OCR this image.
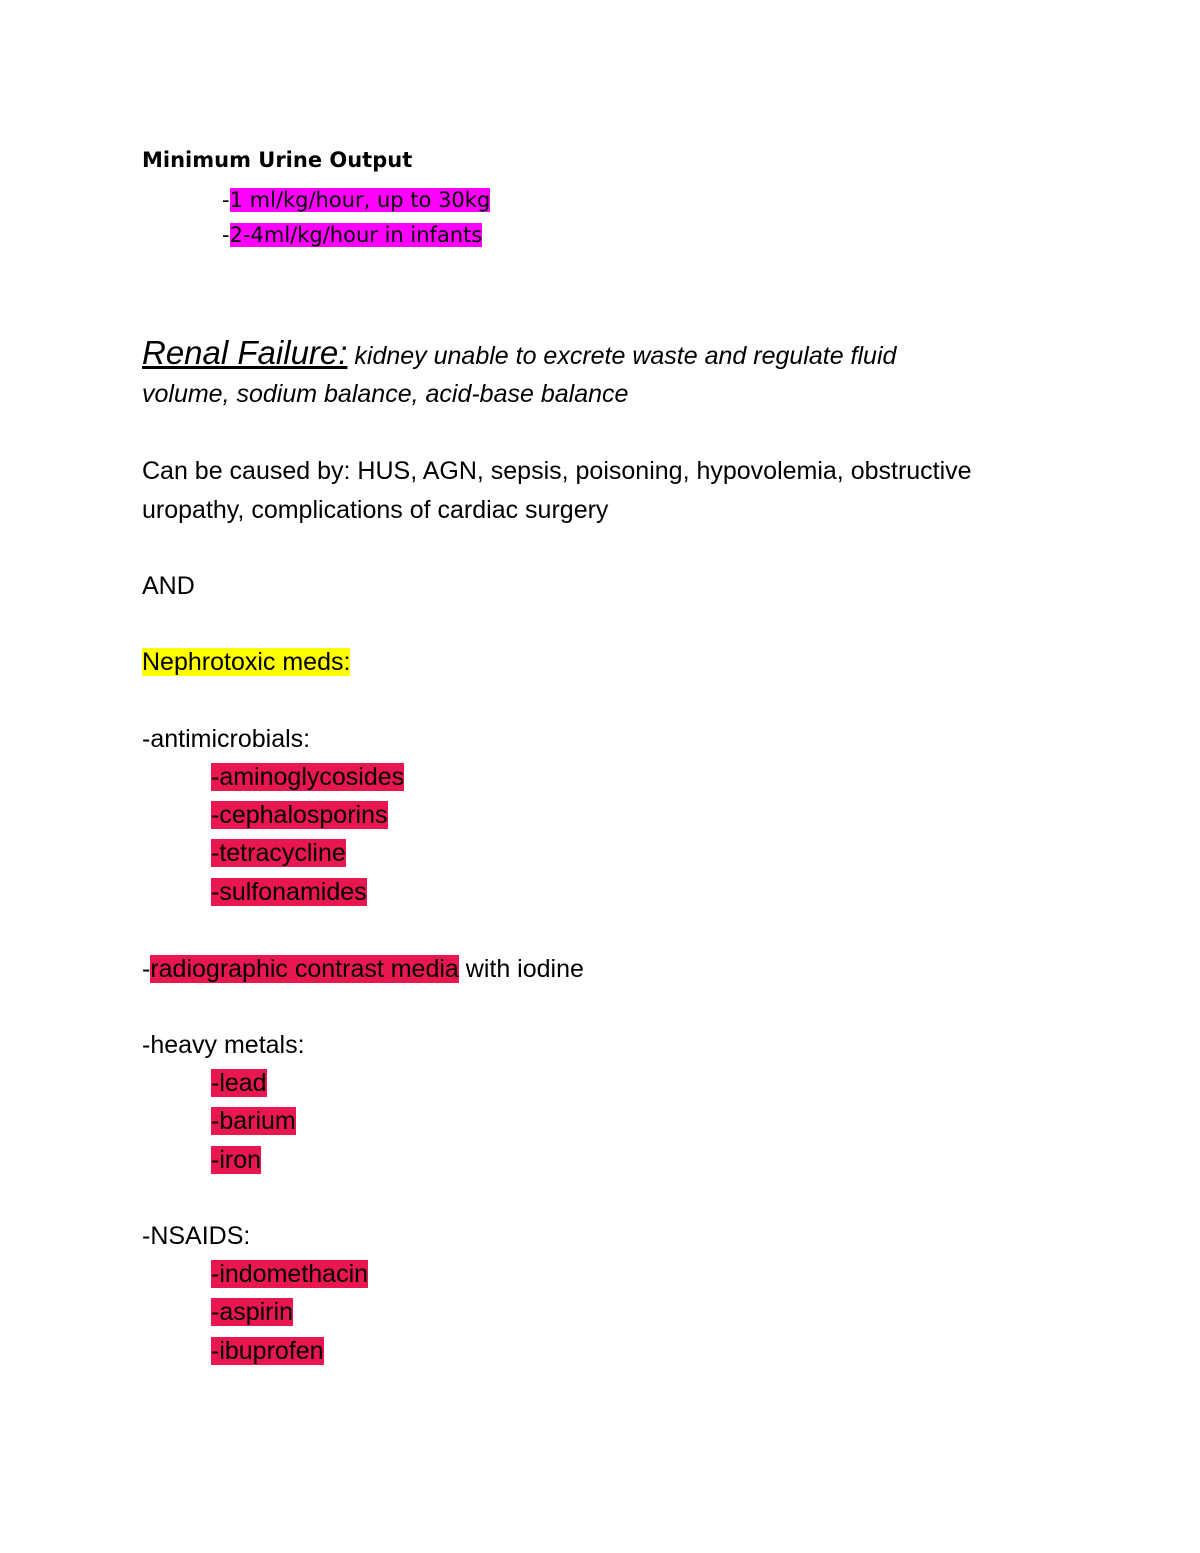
Minimum Urine Output
-1 ml/kg/hour, up to 30kg
-2-4ml/kg/hour in infants
Renal Failure: kidney unable to excrete waste and regulate fluid
volume, sodium balance, acid-base balance
Can be caused by: HUS, AGN, sepsis, poisoning, hypovolemia, obstructive
uropathy, complications of cardiac surgery
AND
Nephrotoxic meds:
-antimicrobials:
-aminoglycosides
-cephalosporins
-tetracycline
-sulfonamides
-radiographic contrast media with iodine
-heavy metals:
-lead
-barium
-iron
-NSAIDS:
-indomethacin
-aspirin
-ibuprofen
